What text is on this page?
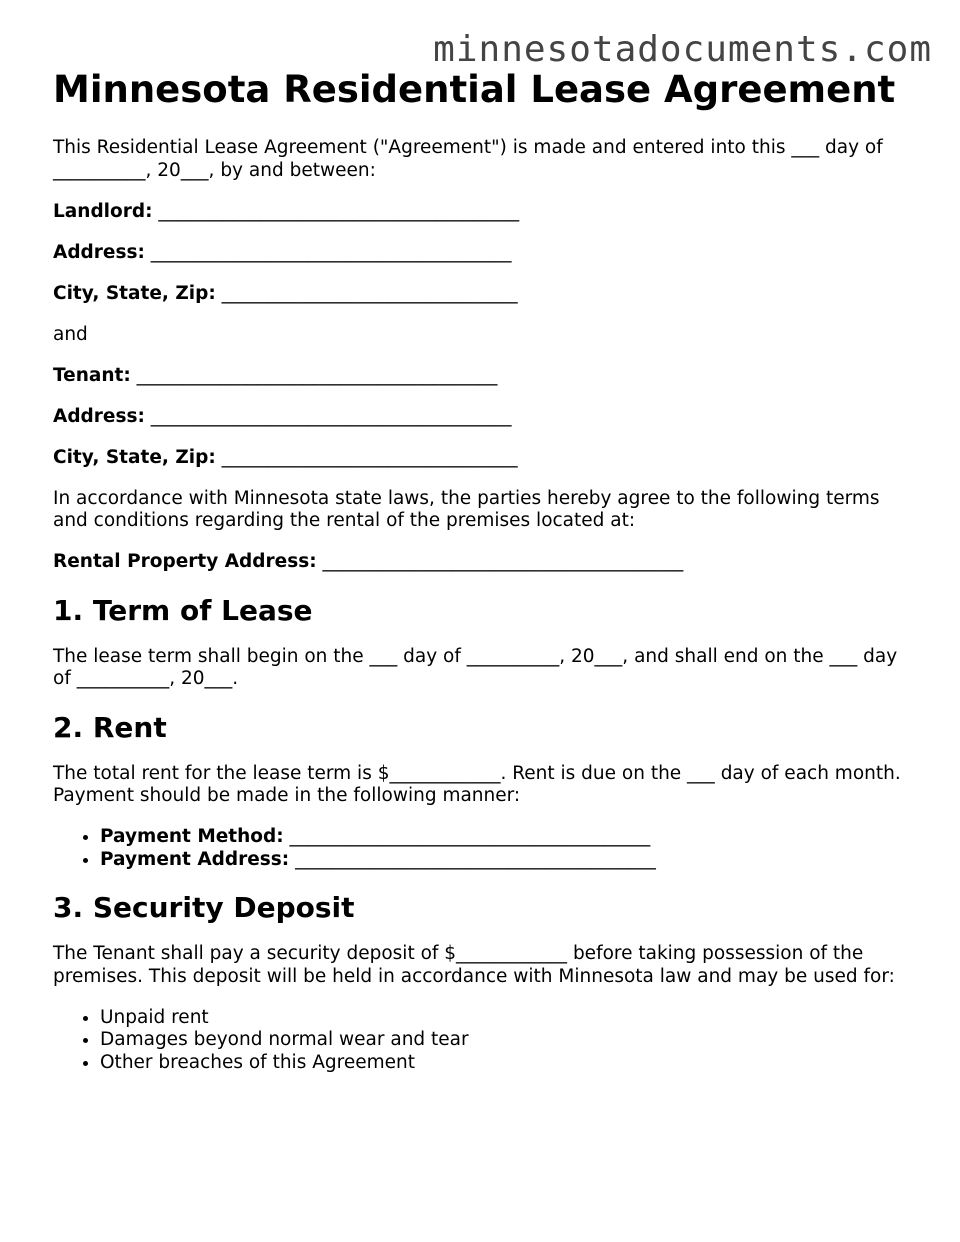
minnesotadocuments.com

Minnesota Residential Lease Agreement

This Residential Lease Agreement ("Agreement") is made and entered into this ___ day of __________, 20___, by and between:

Landlord: _______________________________________

Address: _______________________________________

City, State, Zip: ________________________________

and

Tenant: _______________________________________

Address: _______________________________________

City, State, Zip: ________________________________

In accordance with Minnesota state laws, the parties hereby agree to the following terms and conditions regarding the rental of the premises located at:

Rental Property Address: _______________________________________

1. Term of Lease

The lease term shall begin on the ___ day of __________, 20___, and shall end on the ___ day of __________, 20___.

2. Rent

The total rent for the lease term is $____________. Rent is due on the ___ day of each month. Payment should be made in the following manner:

• Payment Method: _______________________________________
• Payment Address: _______________________________________
3. Security Deposit

The Tenant shall pay a security deposit of $____________ before taking possession of the premises. This deposit will be held in accordance with Minnesota law and may be used for:

• Unpaid rent
• Damages beyond normal wear and tear
• Other breaches of this Agreement
